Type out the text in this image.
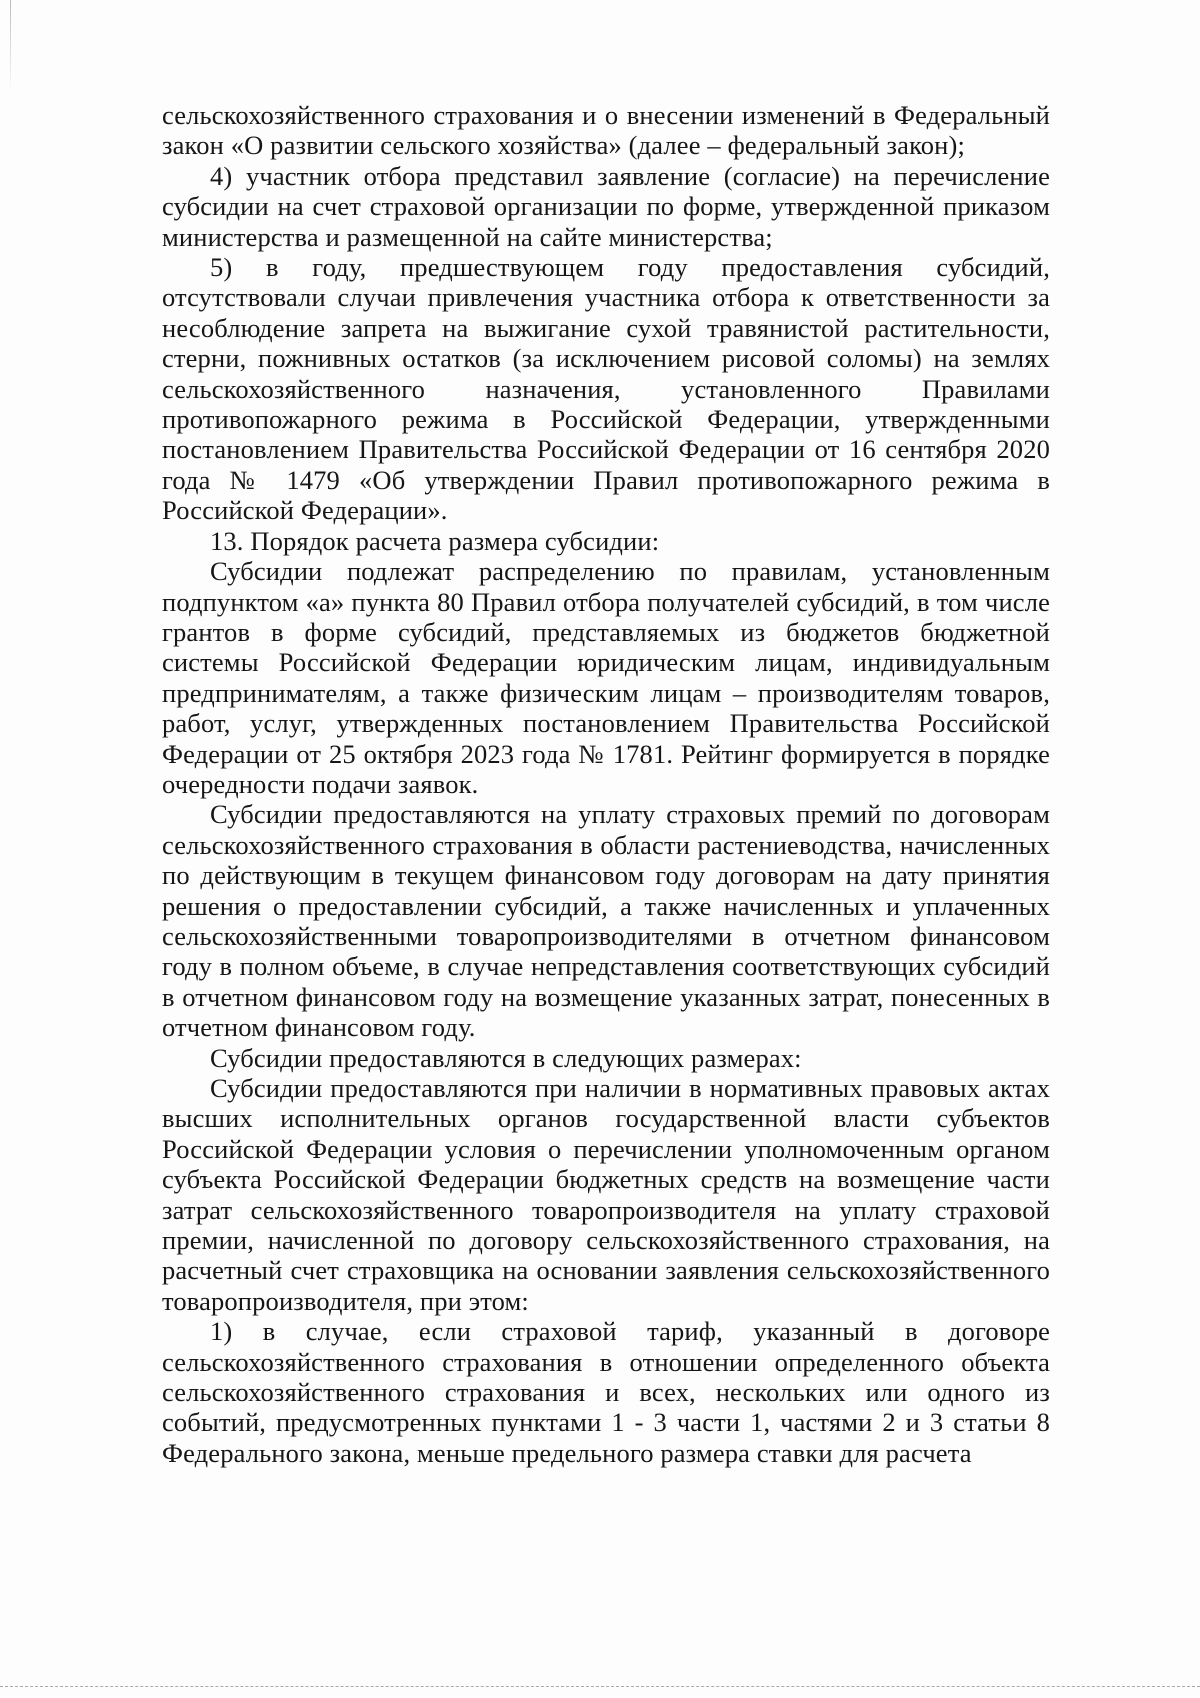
сельскохозяйственного страхования и о внесении изменений в Федеральный закон «О развитии сельского хозяйства» (далее – федеральный закон);

4) участник отбора представил заявление (согласие) на перечисление субсидии на счет страховой организации по форме, утвержденной приказом министерства и размещенной на сайте министерства;

5) в году, предшествующем году предоставления субсидий, отсутствовали случаи привлечения участника отбора к ответственности за несоблюдение запрета на выжигание сухой травянистой растительности, стерни, пожнивных остатков (за исключением рисовой соломы) на землях сельскохозяйственного назначения, установленного Правилами противопожарного режима в Российской Федерации, утвержденными постановлением Правительства Российской Федерации от 16 сентября 2020 года № 1479 «Об утверждении Правил противопожарного режима в Российской Федерации».

13. Порядок расчета размера субсидии:

Субсидии подлежат распределению по правилам, установленным подпунктом «а» пункта 80 Правил отбора получателей субсидий, в том числе грантов в форме субсидий, представляемых из бюджетов бюджетной системы Российской Федерации юридическим лицам, индивидуальным предпринимателям, а также физическим лицам – производителям товаров, работ, услуг, утвержденных постановлением Правительства Российской Федерации от 25 октября 2023 года № 1781. Рейтинг формируется в порядке очередности подачи заявок.

Субсидии предоставляются на уплату страховых премий по договорам сельскохозяйственного страхования в области растениеводства, начисленных по действующим в текущем финансовом году договорам на дату принятия решения о предоставлении субсидий, а также начисленных и уплаченных сельскохозяйственными товаропроизводителями в отчетном финансовом году в полном объеме, в случае непредставления соответствующих субсидий в отчетном финансовом году на возмещение указанных затрат, понесенных в отчетном финансовом году.

Субсидии предоставляются в следующих размерах:

Субсидии предоставляются при наличии в нормативных правовых актах высших исполнительных органов государственной власти субъектов Российской Федерации условия о перечислении уполномоченным органом субъекта Российской Федерации бюджетных средств на возмещение части затрат сельскохозяйственного товаропроизводителя на уплату страховой премии, начисленной по договору сельскохозяйственного страхования, на расчетный счет страховщика на основании заявления сельскохозяйственного товаропроизводителя, при этом:

1) в случае, если страховой тариф, указанный в договоре сельскохозяйственного страхования в отношении определенного объекта сельскохозяйственного страхования и всех, нескольких или одного из событий, предусмотренных пунктами 1 - 3 части 1, частями 2 и 3 статьи 8 Федерального закона, меньше предельного размера ставки для расчета
